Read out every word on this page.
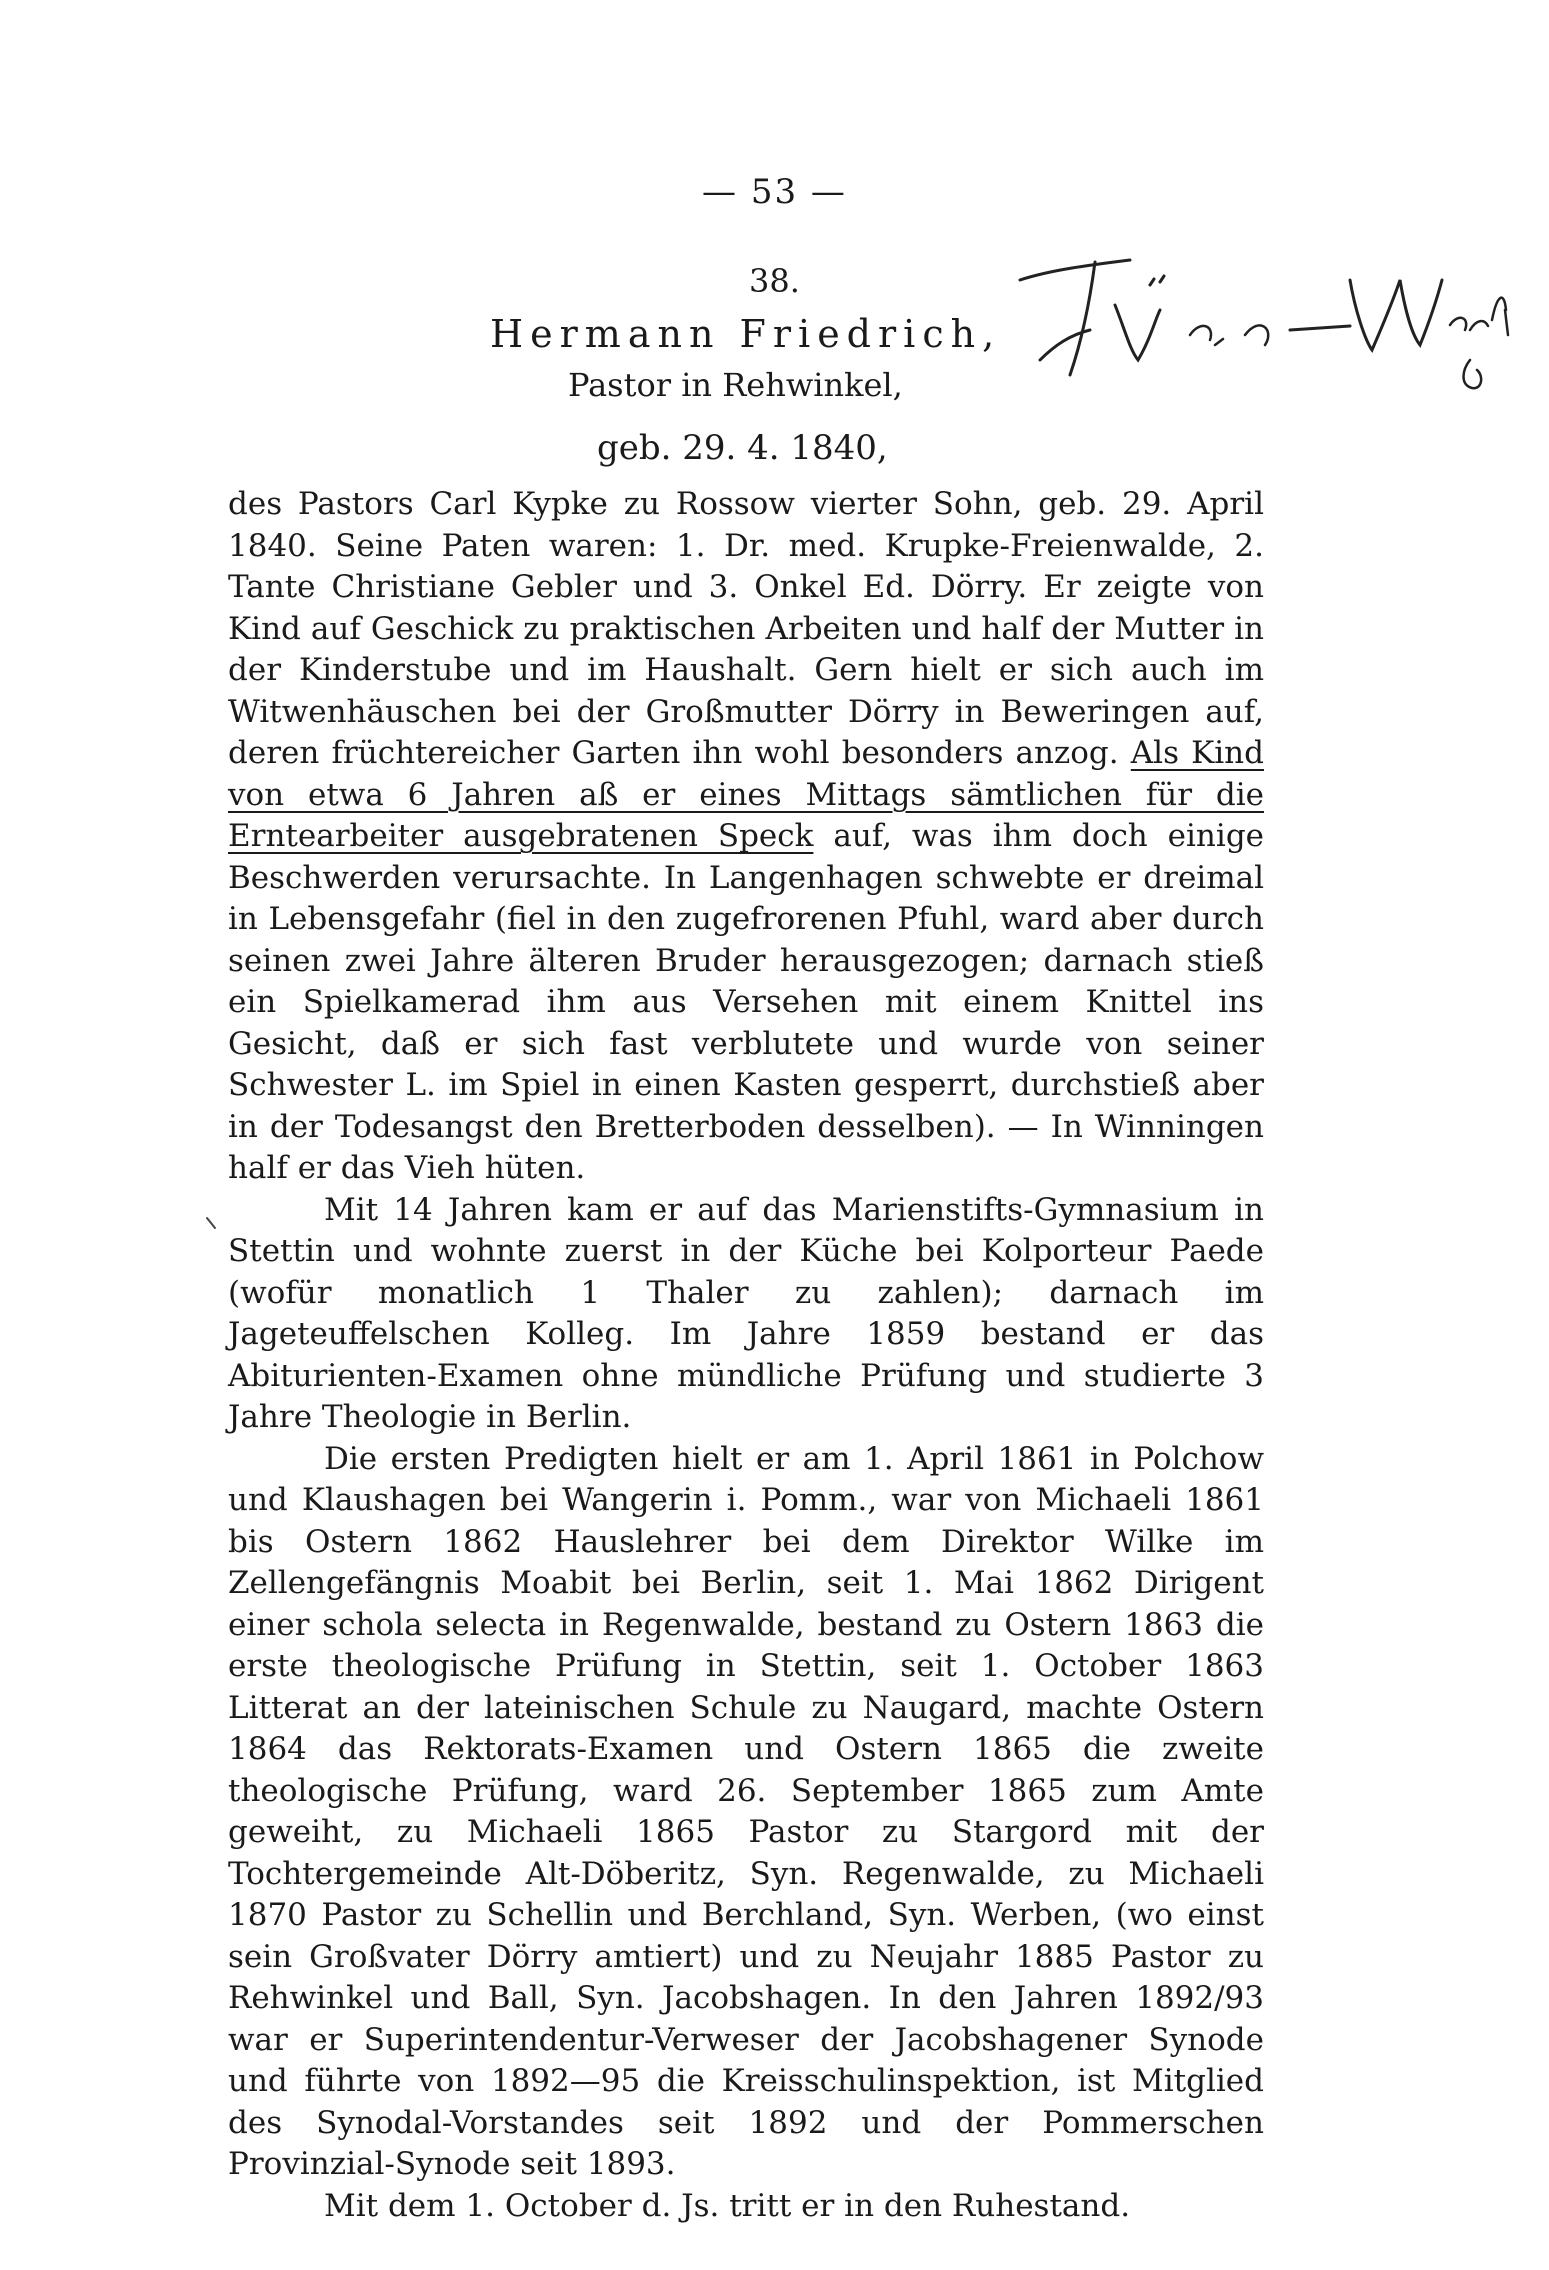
— 53 —
38.
Hermann Friedrich,
Küpper-Wolcraj
Pastor in Rehwinkel,
geb. 29. 4. 1840,

des Pastors Carl Kypke zu Rossow vierter Sohn, geb. 29. April 1840. Seine Paten waren: 1. Dr. med. Krupke-Freienwalde, 2. Tante Christiane Gebler und 3. Onkel Ed. Dörry. Er zeigte von Kind auf Geschick zu praktischen Arbeiten und half der Mutter in der Kinderstube und im Haushalt. Gern hielt er sich auch im Witwenhäuschen bei der Großmutter Dörry in Beweringen auf, deren früchtereicher Garten ihn wohl besonders anzog. Als Kind von etwa 6 Jahren aß er eines Mittags sämtlichen für die Erntearbeiter ausgebratenen Speck auf, was ihm doch einige Beschwerden verursachte. In Langenhagen schwebte er dreimal in Lebensgefahr (fiel in den zugefrorenen Pfuhl, ward aber durch seinen zwei Jahre älteren Bruder herausgezogen; darnach stieß ein Spielkamerad ihm aus Versehen mit einem Knittel ins Gesicht, daß er sich fast verblutete und wurde von seiner Schwester L. im Spiel in einen Kasten gesperrt, durchstieß aber in der Todesangst den Bretterboden desselben). — In Winningen half er das Vieh hüten.

Mit 14 Jahren kam er auf das Marienstifts-Gymnasium in Stettin und wohnte zuerst in der Küche bei Kolporteur Paede (wofür monatlich 1 Thaler zu zahlen); darnach im Jageteuffelschen Kolleg. Im Jahre 1859 bestand er das Abiturienten-Examen ohne mündliche Prüfung und studierte 3 Jahre Theologie in Berlin.

Die ersten Predigten hielt er am 1. April 1861 in Polchow und Klaushagen bei Wangerin i. Pomm., war von Michaeli 1861 bis Ostern 1862 Hauslehrer bei dem Direktor Wilke im Zellengefängnis Moabit bei Berlin, seit 1. Mai 1862 Dirigent einer schola selecta in Regenwalde, bestand zu Ostern 1863 die erste theologische Prüfung in Stettin, seit 1. October 1863 Litterat an der lateinischen Schule zu Naugard, machte Ostern 1864 das Rektorats-Examen und Ostern 1865 die zweite theologische Prüfung, ward 26. September 1865 zum Amte geweiht, zu Michaeli 1865 Pastor zu Stargord mit der Tochtergemeinde Alt-Döberitz, Syn. Regenwalde, zu Michaeli 1870 Pastor zu Schellin und Berchland, Syn. Werben, (wo einst sein Großvater Dörry amtiert) und zu Neujahr 1885 Pastor zu Rehwinkel und Ball, Syn. Jacobshagen. In den Jahren 1892/93 war er Superintendentur-Verweser der Jacobshagener Synode und führte von 1892—95 die Kreisschulinspektion, ist Mitglied des Synodal-Vorstandes seit 1892 und der Pommerschen Provinzial-Synode seit 1893.

Mit dem 1. October d. Js. tritt er in den Ruhestand.
